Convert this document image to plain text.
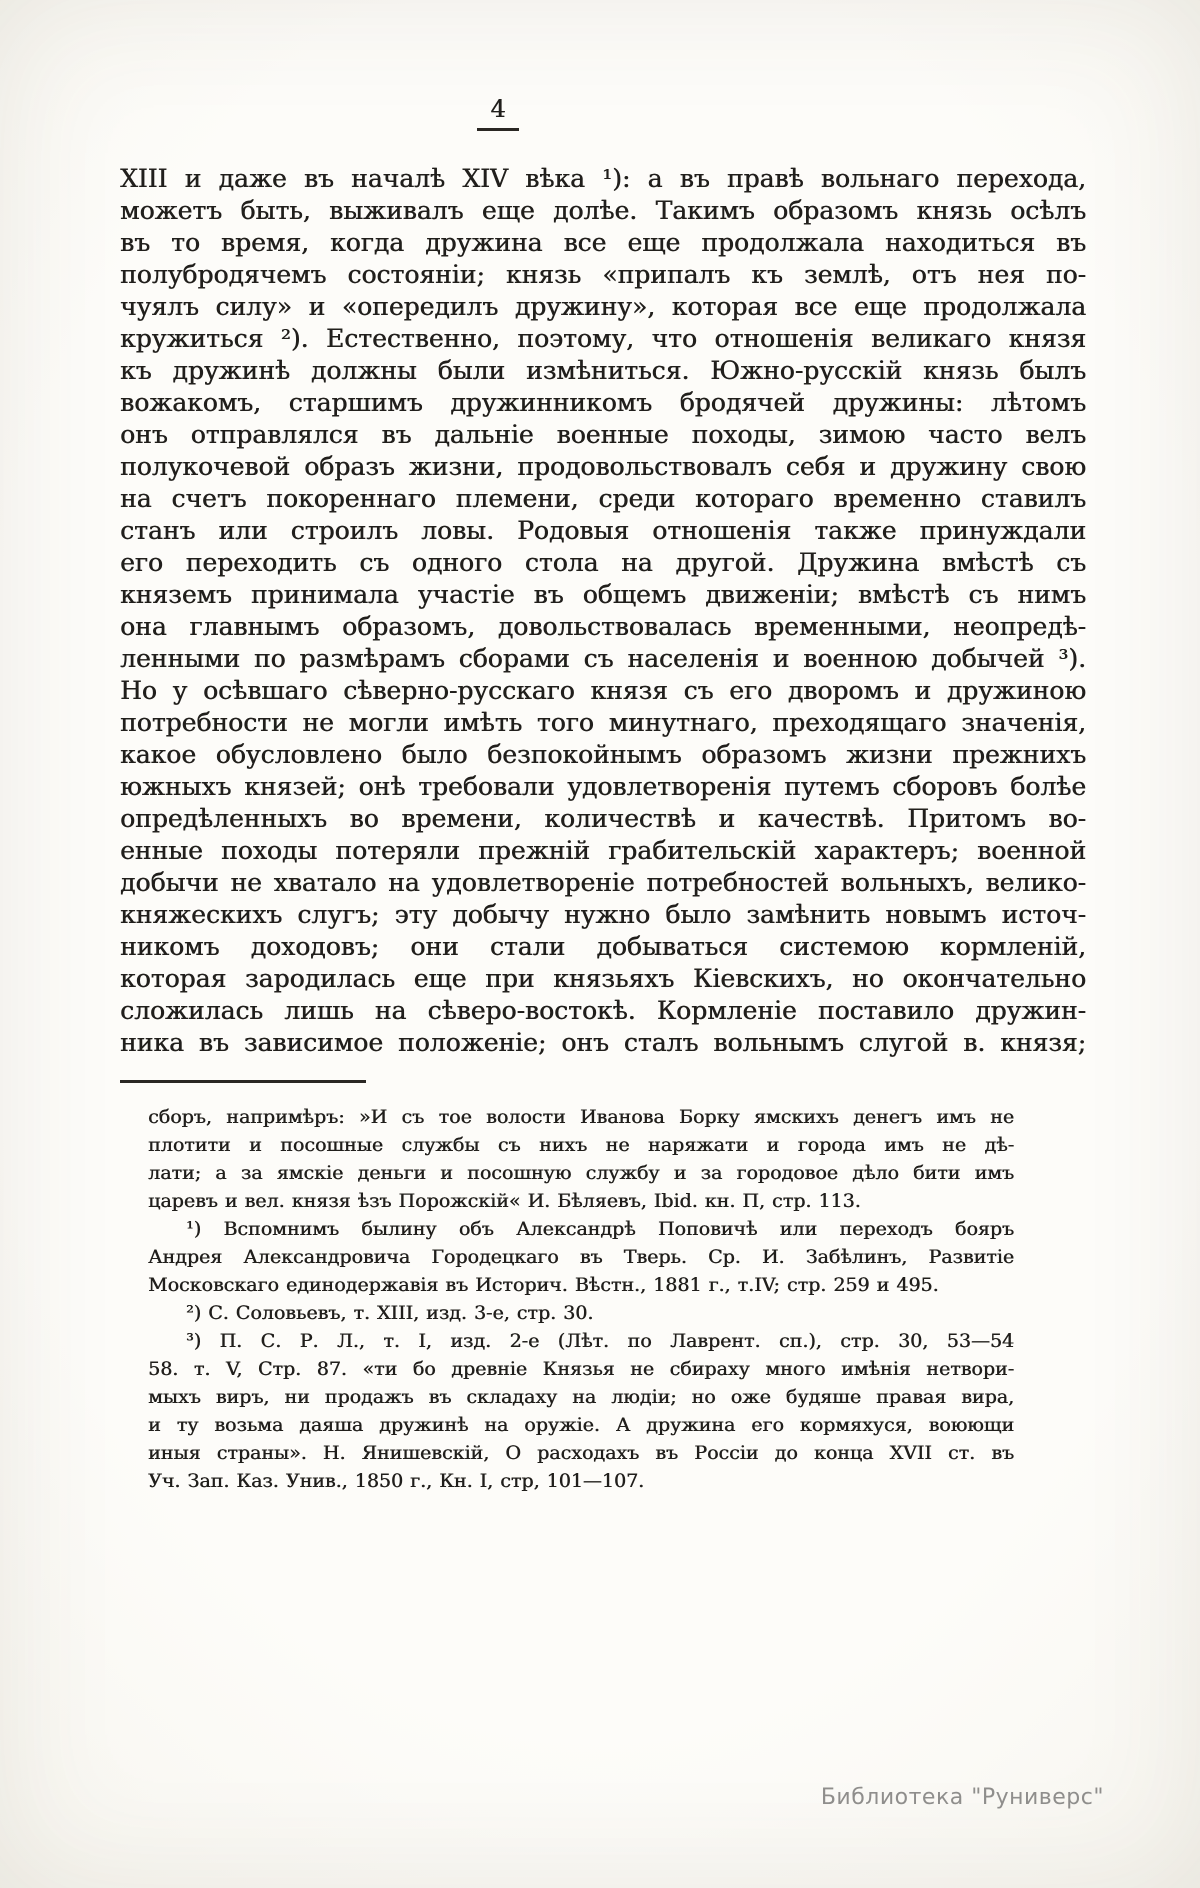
4
XIII и даже въ началѣ XIV вѣка ¹): а въ правѣ вольнаго перехода,
можетъ быть, выживалъ еще долѣе. Такимъ образомъ князь осѣлъ
въ то время, когда дружина все еще продолжала находиться въ
полубродячемъ состояніи; князь «припалъ къ землѣ, отъ нея по-
чуялъ силу» и «опередилъ дружину», которая все еще продолжала
кружиться ²). Естественно, поэтому, что отношенія великаго князя
къ дружинѣ должны были измѣниться. Южно-русскій князь былъ
вожакомъ, старшимъ дружинникомъ бродячей дружины: лѣтомъ
онъ отправлялся въ дальніе военные походы, зимою часто велъ
полукочевой образъ жизни, продовольствовалъ себя и дружину свою
на счетъ покореннаго племени, среди котораго временно ставилъ
станъ или строилъ ловы. Родовыя отношенія также принуждали
его переходить съ одного стола на другой. Дружина вмѣстѣ съ
княземъ принимала участіе въ общемъ движеніи; вмѣстѣ съ нимъ
она главнымъ образомъ, довольствовалась временными, неопредѣ-
ленными по размѣрамъ сборами съ населенія и военною добычей ³).
Но у осѣвшаго сѣверно-русскаго князя съ его дворомъ и дружиною
потребности не могли имѣть того минутнаго, преходящаго значенія,
какое обусловлено было безпокойнымъ образомъ жизни прежнихъ
южныхъ князей; онѣ требовали удовлетворенія путемъ сборовъ болѣе
опредѣленныхъ во времени, количествѣ и качествѣ. Притомъ во-
енные походы потеряли прежній грабительскій характеръ; военной
добычи не хватало на удовлетвореніе потребностей вольныхъ, велико-
княжескихъ слугъ; эту добычу нужно было замѣнить новымъ источ-
никомъ доходовъ; они стали добываться системою кормленій,
которая зародилась еще при князьяхъ Кіевскихъ, но окончательно
сложилась лишь на сѣверо-востокѣ. Кормленіе поставило дружин-
ника въ зависимое положеніе; онъ сталъ вольнымъ слугой в. князя;
сборъ, напримѣръ: »И съ тое волости Иванова Борку ямскихъ денегъ имъ не
плотити и посошные службы съ нихъ не наряжати и города имъ не дѣ-
лати; а за ямскіе деньги и посошную службу и за городовое дѣло бити имъ
царевъ и вел. князя ѣзъ Порожскій« И. Бѣляевъ, Ibid. кн. П, стр. 113.
¹) Вспомнимъ былину объ Александрѣ Поповичѣ или переходъ бояръ
Андрея Александровича Городецкаго въ Тверь. Ср. И. Забѣлинъ, Развитіе
Московскаго единодержавія въ Историч. Вѣстн., 1881 г., т.IV; стр. 259 и 495.
²) С. Соловьевъ, т. XIII, изд. 3-е, стр. 30.
³) П. С. Р. Л., т. I, изд. 2-е (Лѣт. по Лаврент. сп.), стр. 30, 53—54
58. т. V, Стр. 87. «ти бо древніе Князья не сбираху много имѣнія нетвори-
мыхъ виръ, ни продажъ въ складаху на людіи; но оже будяше правая вира,
и ту возьма даяша дружинѣ на оружіе. А дружина его кормяхуся, воюющи
иныя страны». Н. Янишевскій, О расходахъ въ Россіи до конца XVII ст. въ
Уч. Зап. Каз. Унив., 1850 г., Кн. I, стр, 101—107.
Библиотека "Руниверс"
